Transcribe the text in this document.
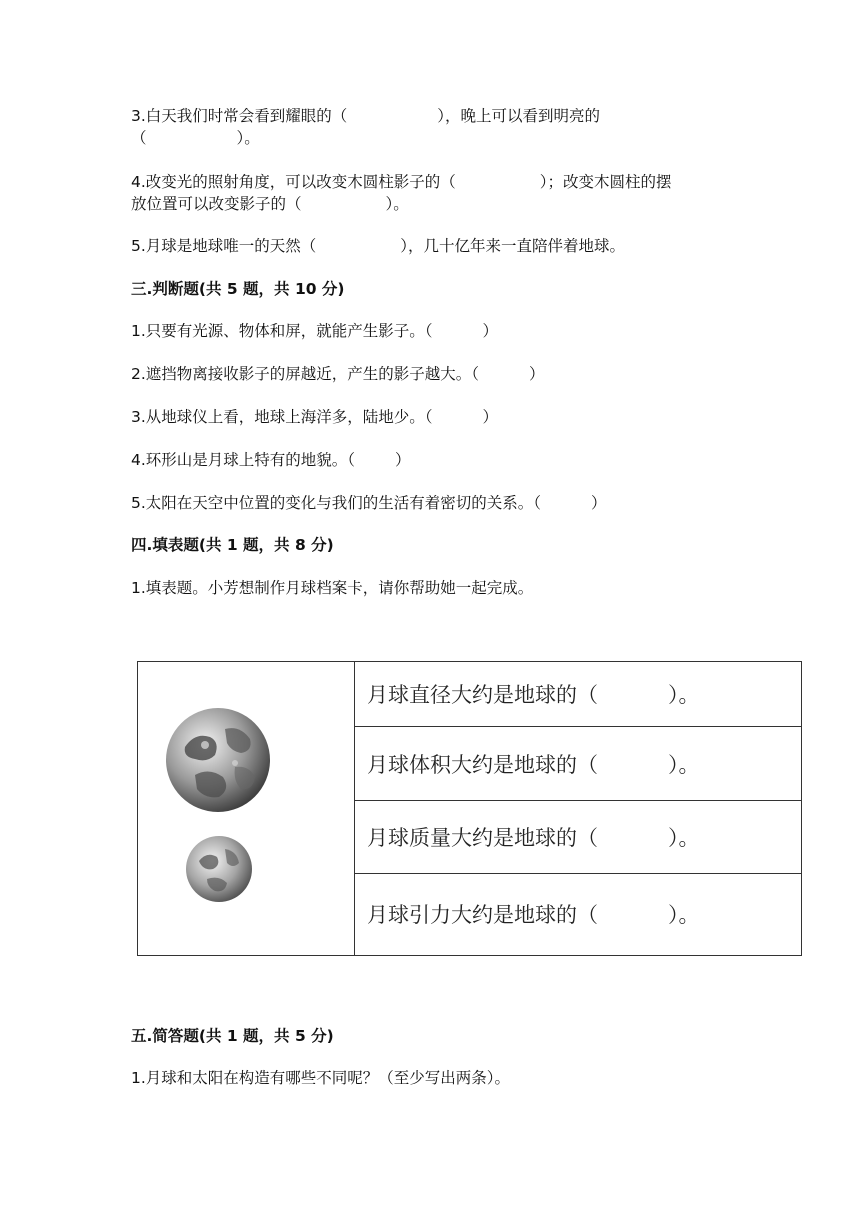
3.白天我们时常会看到耀眼的（	），晚上可以看到明亮的
（	）。
4.改变光的照射角度，可以改变木圆柱影子的（	）；改变木圆柱的摆
放位置可以改变影子的（	）。
5.月球是地球唯一的天然（	），几十亿年来一直陪伴着地球。
三.判断题(共 5 题，共 10 分)
1.只要有光源、物体和屏，就能产生影子。（	）
2.遮挡物离接收影子的屏越近，产生的影子越大。（	）
3.从地球仪上看，地球上海洋多，陆地少。（	）
4.环形山是月球上特有的地貌。（	）
5.太阳在天空中位置的变化与我们的生活有着密切的关系。（	）
四.填表题(共 1 题，共 8 分)
1.填表题。小芳想制作月球档案卡，请你帮助她一起完成。
月球直径大约是地球的（	）。
月球体积大约是地球的（	）。
月球质量大约是地球的（	）。
月球引力大约是地球的（	）。
五.简答题(共 1 题，共 5 分)
1.月球和太阳在构造有哪些不同呢？（至少写出两条）。
